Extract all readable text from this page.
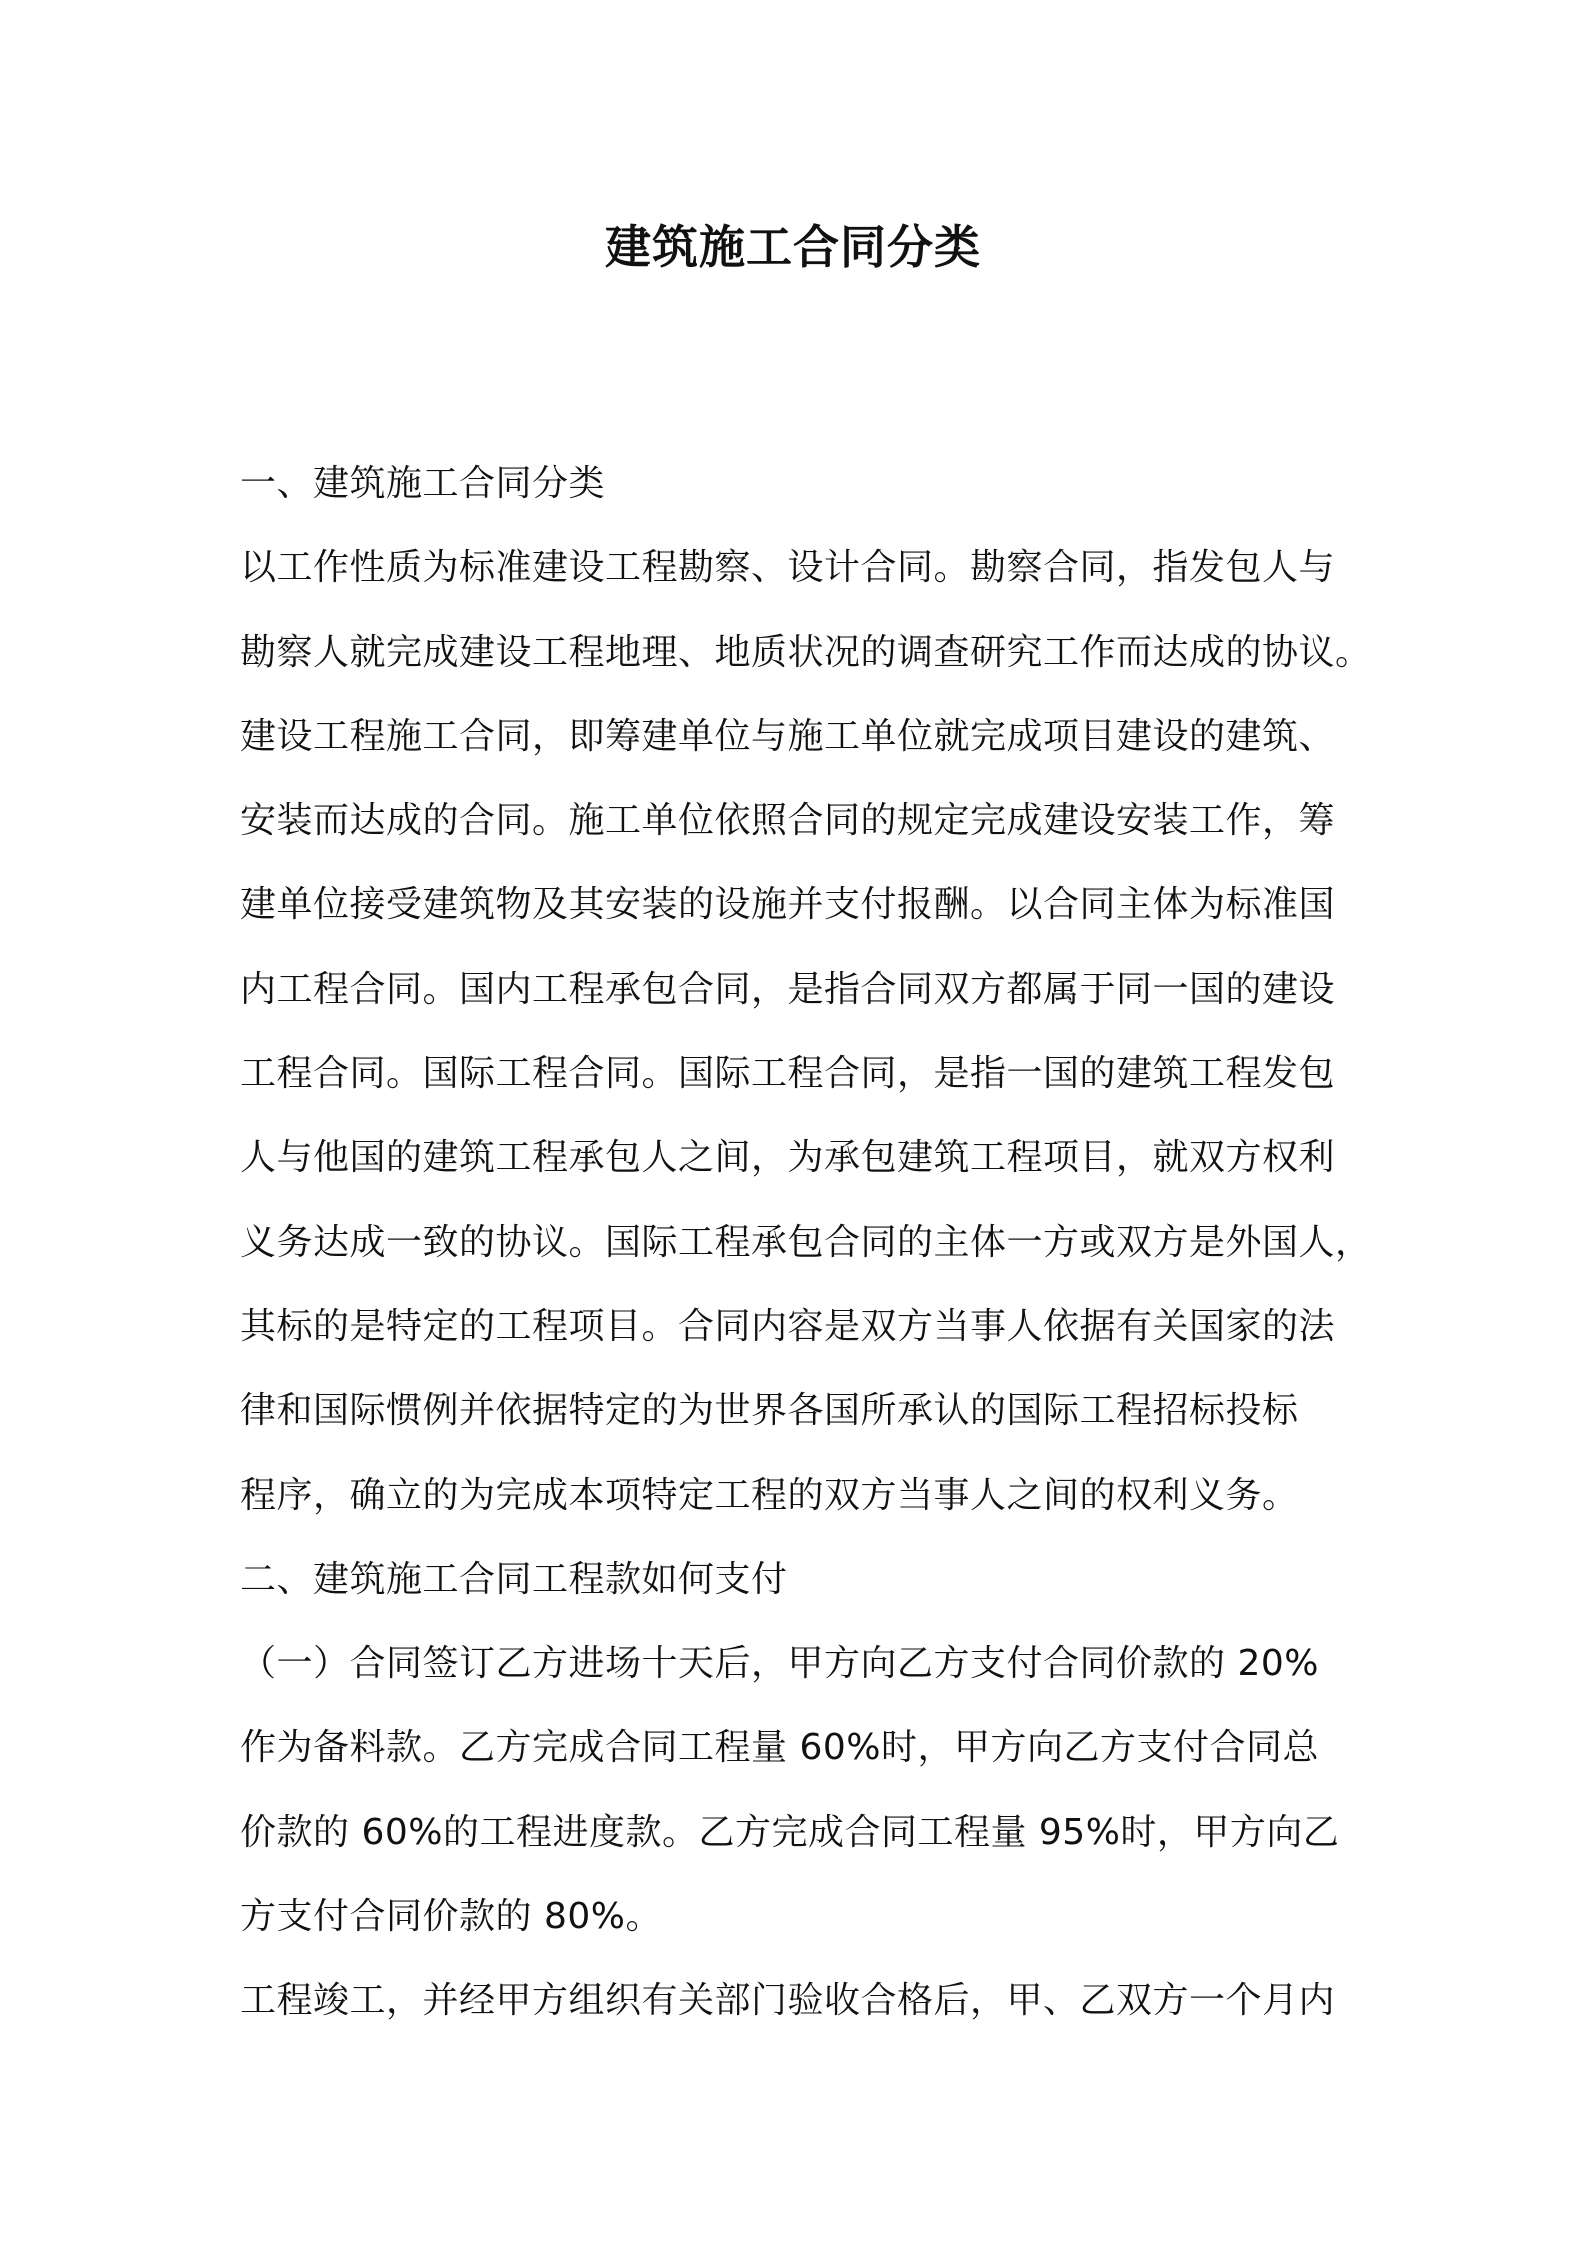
建筑施工合同分类
一、建筑施工合同分类
以工作性质为标准建设工程勘察、设计合同。勘察合同，指发包人与
勘察人就完成建设工程地理、地质状况的调查研究工作而达成的协议。
建设工程施工合同，即筹建单位与施工单位就完成项目建设的建筑、
安装而达成的合同。施工单位依照合同的规定完成建设安装工作，筹
建单位接受建筑物及其安装的设施并支付报酬。以合同主体为标准国
内工程合同。国内工程承包合同，是指合同双方都属于同一国的建设
工程合同。国际工程合同。国际工程合同，是指一国的建筑工程发包
人与他国的建筑工程承包人之间，为承包建筑工程项目，就双方权利
义务达成一致的协议。国际工程承包合同的主体一方或双方是外国人，
其标的是特定的工程项目。合同内容是双方当事人依据有关国家的法
律和国际惯例并依据特定的为世界各国所承认的国际工程招标投标
程序，确立的为完成本项特定工程的双方当事人之间的权利义务。
二、建筑施工合同工程款如何支付
（一）合同签订乙方进场十天后，甲方向乙方支付合同价款的 20%
作为备料款。乙方完成合同工程量 60%时，甲方向乙方支付合同总
价款的 60%的工程进度款。乙方完成合同工程量 95%时，甲方向乙
方支付合同价款的 80%。
工程竣工，并经甲方组织有关部门验收合格后，甲、乙双方一个月内
